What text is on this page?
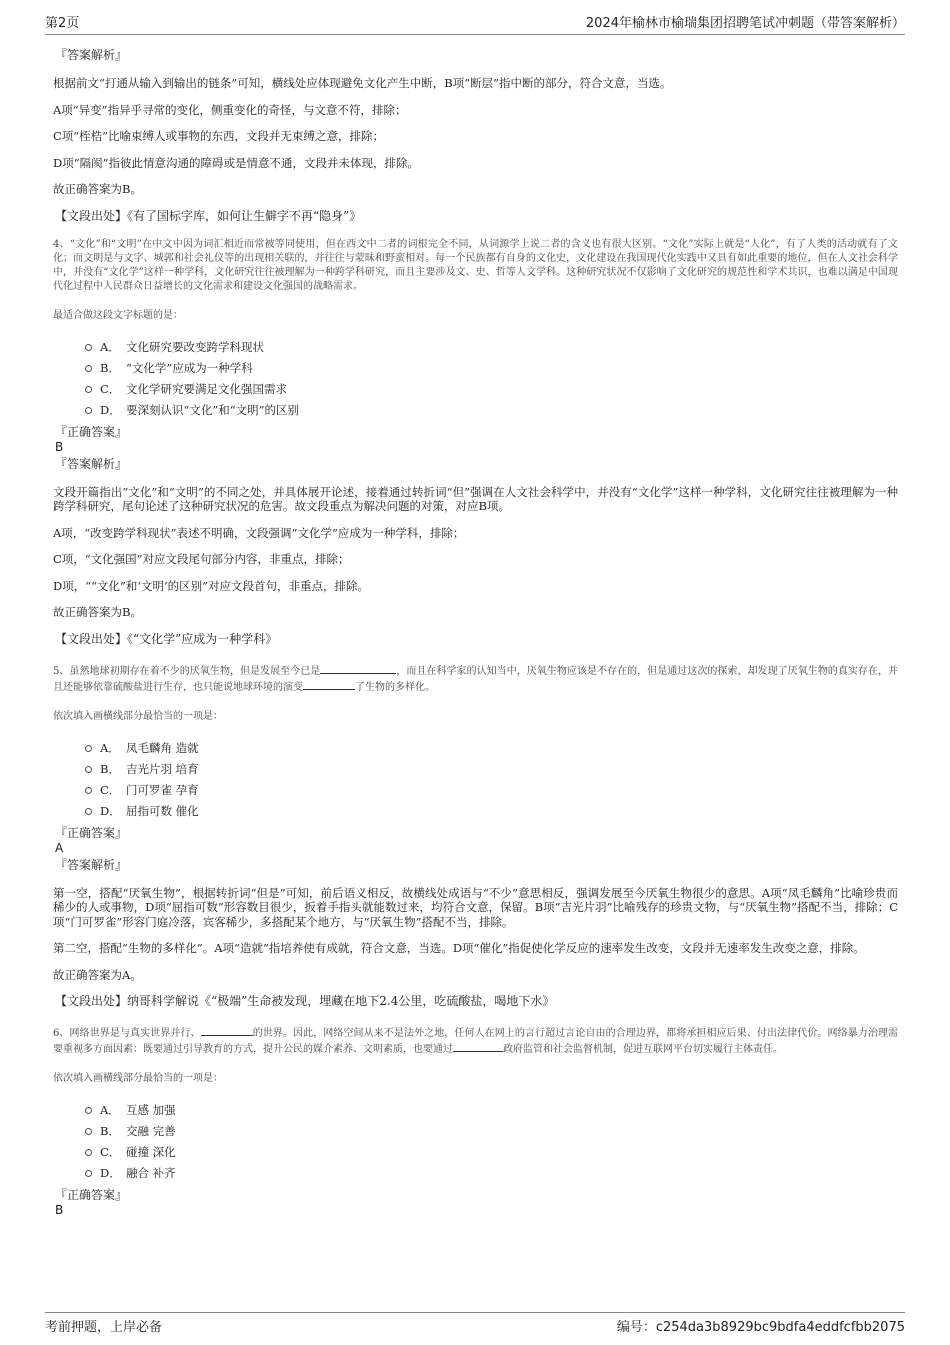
第2页	2024年榆林市榆瑞集团招聘笔试冲刺题（带答案解析）
『答案解析』
根据前文“打通从输入到输出的链条”可知，横线处应体现避免文化产生中断，B项“断层”指中断的部分，符合文意，当选。
A项“异变”指异乎寻常的变化，侧重变化的奇怪，与文意不符，排除；
C项“桎梏”比喻束缚人或事物的东西，文段并无束缚之意，排除；
D项“隔阂”指彼此情意沟通的障碍或是情意不通，文段并未体现，排除。
故正确答案为B。
【文段出处】《有了国标字库，如何让生僻字不再“隐身”》
4、“文化”和“文明”在中文中因为词汇相近而常被等同使用，但在西文中二者的词根完全不同，从词源学上说二者的含义也有很大区别。“文化”实际上就是“人化”，有了人类的活动就有了文化；而文明是与文字、城郭和社会礼仪等的出现相关联的，并往往与蒙昧和野蛮相对。每一个民族都有自身的文化史，文化建设在我国现代化实践中又具有如此重要的地位，但在人文社会科学中，并没有“文化学”这样一种学科，文化研究往往被理解为一种跨学科研究，而且主要涉及文、史、哲等人文学科。这种研究状况不仅影响了文化研究的规范性和学术共识，也难以满足中国现代化过程中人民群众日益增长的文化需求和建设文化强国的战略需求。
最适合做这段文字标题的是：
A． 文化研究要改变跨学科现状
B． “文化学”应成为一种学科
C． 文化学研究要满足文化强国需求
D． 要深刻认识“文化”和“文明”的区别
『正确答案』
B
『答案解析』
文段开篇指出“文化”和“文明”的不同之处，并具体展开论述，接着通过转折词“但”强调在人文社会科学中，并没有“文化学”这样一种学科，文化研究往往被理解为一种跨学科研究，尾句论述了这种研究状况的危害。故文段重点为解决问题的对策，对应B项。
A项，“改变跨学科现状”表述不明确，文段强调“文化学”应成为一种学科，排除；
C项，“文化强国”对应文段尾句部分内容，非重点，排除；
D项，““文化”和‘文明’的区别”对应文段首句，非重点，排除。
故正确答案为B。
【文段出处】《“文化学”应成为一种学科》
5、虽然地球初期存在着不少的厌氧生物，但是发展至今已是	，而且在科学家的认知当中，厌氧生物应该是不存在的，但是通过这次的探索，却发现了厌氧生物的真实存在，并且还能够依靠硫酸盐进行生存，也只能说地球环境的演变	了生物的多样化。
依次填入画横线部分最恰当的一项是：
A． 凤毛麟角 造就
B． 吉光片羽 培育
C． 门可罗雀 孕育
D． 屈指可数 催化
『正确答案』
A
『答案解析』
第一空，搭配“厌氧生物”，根据转折词“但是”可知，前后语义相反，故横线处成语与“不少”意思相反，强调发展至今厌氧生物很少的意思。A项“凤毛麟角”比喻珍贵而稀少的人或事物，D项“屈指可数”形容数目很少，扳着手指头就能数过来，均符合文意，保留。B项“吉光片羽”比喻残存的珍贵文物，与“厌氧生物”搭配不当，排除；C项“门可罗雀”形容门庭冷落，宾客稀少，多搭配某个地方，与“厌氧生物”搭配不当，排除。
第二空，搭配“生物的多样化”。A项“造就”指培养使有成就，符合文意，当选。D项“催化”指促使化学反应的速率发生改变，文段并无速率发生改变之意，排除。
故正确答案为A。
【文段出处】纳哥科学解说《“极端”生命被发现，埋藏在地下2.4公里，吃硫酸盐，喝地下水》
6、网络世界是与真实世界并行、	的世界。因此，网络空间从来不是法外之地，任何人在网上的言行超过言论自由的合理边界，都将承担相应后果、付出法律代价。网络暴力治理需要重视多方面因素：既要通过引导教育的方式，提升公民的媒介素养、文明素质，也要通过	政府监管和社会监督机制，促进互联网平台切实履行主体责任。
依次填入画横线部分最恰当的一项是：
A． 互感 加强
B． 交融 完善
C． 碰撞 深化
D． 融合 补齐
『正确答案』
B
考前押题，上岸必备	编号：c254da3b8929bc9bdfa4eddfcfbb2075
